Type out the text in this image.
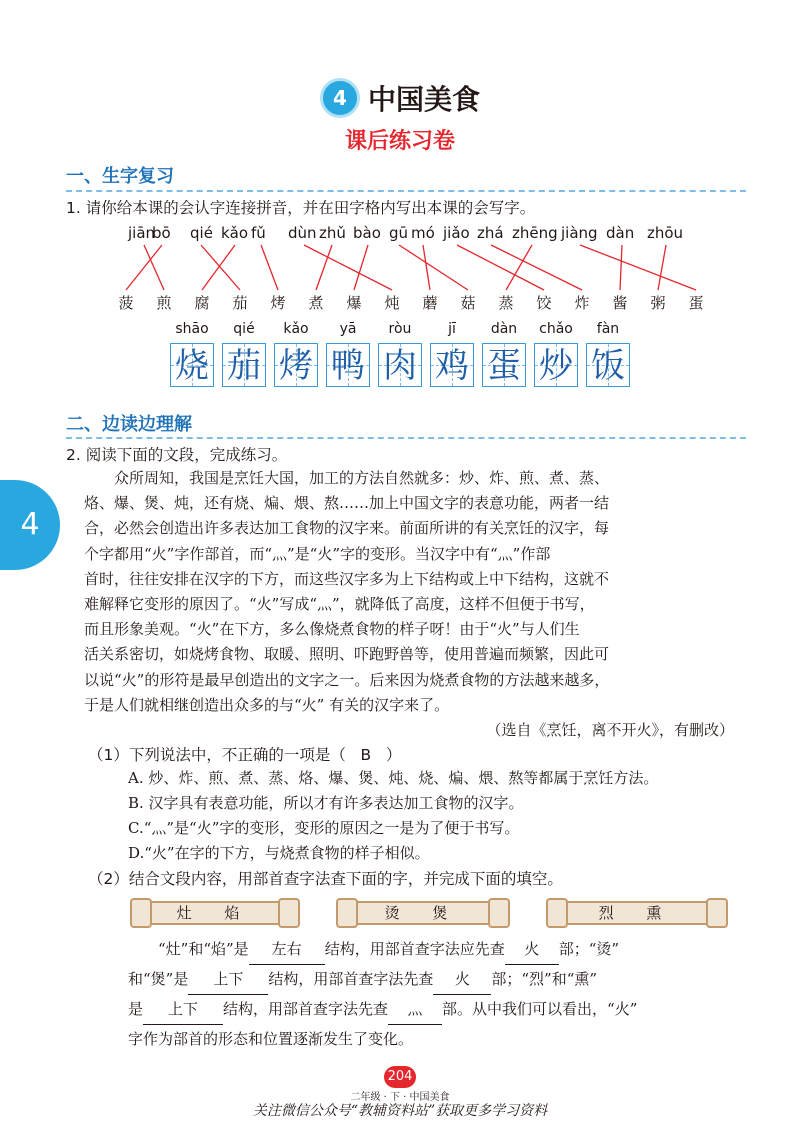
4 中国美食
课后练习卷
一、生字复习
1. 请你给本课的会认字连接拼音，并在田字格内写出本课的会写字。
jiān
bō qié kǎo fǔ dùn zhǔ bào gū mó jiǎo zhá zhēng jiàng dàn zhōu
菠 煎 腐 茄 烤 煮 爆 炖 蘑 菇 蒸 饺 炸 酱 粥 蛋
shāo	qié	kǎo	yā	ròu	jī	dàn	chǎo	fàn
烧 茄 烤 鸭 肉 鸡 蛋 炒 饭
4
二、边读边理解
2. 阅读下面的文段，完成练习。
众所周知，我国是烹饪大国，加工的方法自然就多：炒、炸、煎、煮、蒸、
烙、爆、煲、炖，还有烧、煸、煨、熬……加上中国文字的表意功能，两者一结
合，必然会创造出许多表达加工食物的汉字来。前面所讲的有关烹饪的汉字，每
个字都用“火”字作部首，而“灬”是“火”字的变形。当汉字中有“灬”作部
首时，往往安排在汉字的下方，而这些汉字多为上下结构或上中下结构，这就不
难解释它变形的原因了。“火”写成“灬”，就降低了高度，这样不但便于书写，
而且形象美观。“火”在下方，多么像烧煮食物的样子呀！由于“火”与人们生
活关系密切，如烧烤食物、取暖、照明、吓跑野兽等，使用普遍而频繁，因此可
以说“火”的形符是最早创造出的文字之一。后来因为烧煮食物的方法越来越多，
于是人们就相继创造出众多的与“火” 有关的汉字来了。
（选自《烹饪，离不开火》，有删改）
（1）下列说法中，不正确的一项是（ B ）
A. 炒、炸、煎、煮、蒸、烙、爆、煲、炖、烧、煸、煨、熬等都属于烹饪方法。
B. 汉字具有表意功能，所以才有许多表达加工食物的汉字。
C.“灬”是“火”字的变形，变形的原因之一是为了便于书写。
D.“火”在字的下方，与烧煮食物的样子相似。
（2）结合文段内容，用部首查字法查下面的字，并完成下面的填空。
灶 焰	烫 煲	烈 熏
“灶”和“焰”是 左右 结构，用部首查字法应先查 火 部；“烫”
和“煲”是 上下 结构，用部首查字法先查 火 部；“烈”和“熏”
是 上下 结构，用部首查字法先查 灬 部。从中我们可以看出，“火”
字作为部首的形态和位置逐渐发生了变化。
204
二年级 · 下 · 中国美食
关注微信公众号“教辅资料站”获取更多学习资料
